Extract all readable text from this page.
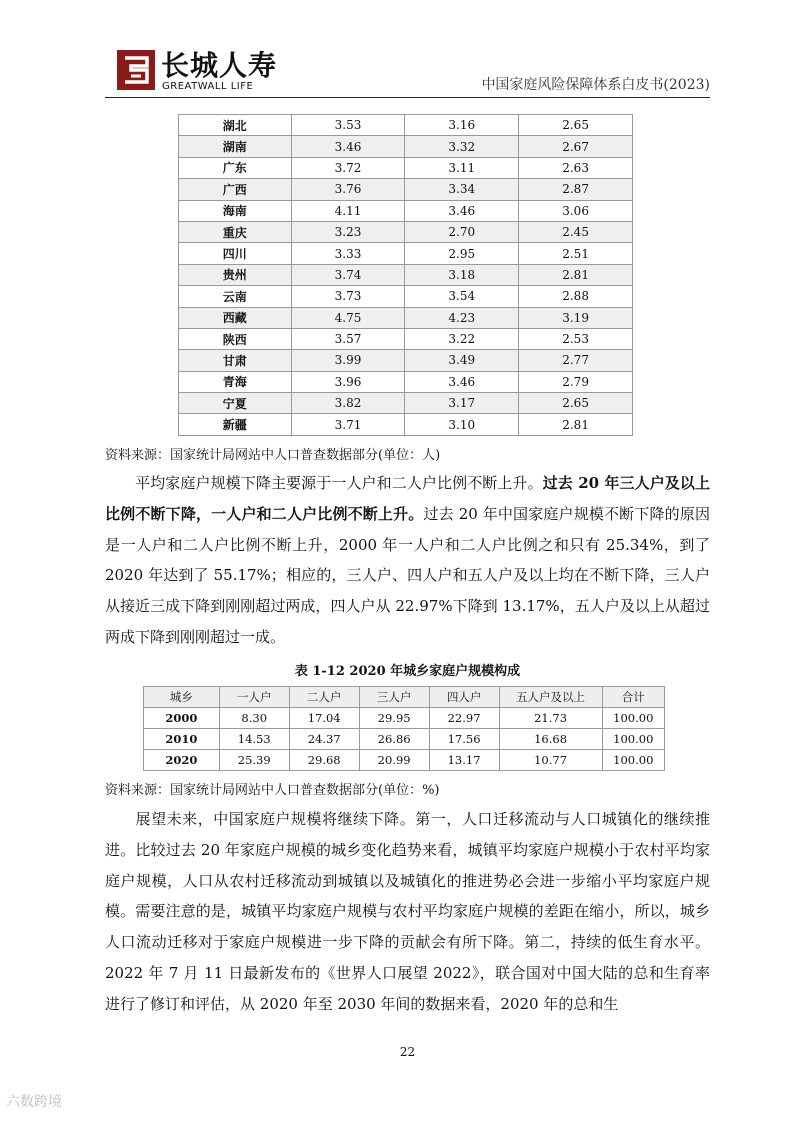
长城人寿
GREATWALL LIFE	中国家庭风险保障体系白皮书(2023)
湖北	3.53	3.16	2.65
湖南	3.46	3.32	2.67
广东	3.72	3.11	2.63
广西	3.76	3.34	2.87
海南	4.11	3.46	3.06
重庆	3.23	2.70	2.45
四川	3.33	2.95	2.51
贵州	3.74	3.18	2.81
云南	3.73	3.54	2.88
西藏	4.75	4.23	3.19
陕西	3.57	3.22	2.53
甘肃	3.99	3.49	2.77
青海	3.96	3.46	2.79
宁夏	3.82	3.17	2.65
新疆	3.71	3.10	2.81
资料来源：国家统计局网站中人口普查数据部分(单位：人)

平均家庭户规模下降主要源于一人户和二人户比例不断上升。过去 20 年三人户及以上比例不断下降，一人户和二人户比例不断上升。过去 20 年中国家庭户规模不断下降的原因是一人户和二人户比例不断上升，2000 年一人户和二人户比例之和只有 25.34%，到了 2020 年达到了 55.17%；相应的，三人户、四人户和五人户及以上均在不断下降，三人户从接近三成下降到刚刚超过两成，四人户从 22.97%下降到 13.17%，五人户及以上从超过两成下降到刚刚超过一成。

表 1-12 2020 年城乡家庭户规模构成
城乡	一人户	二人户	三人户	四人户	五人户及以上	合计
2000	8.30	17.04	29.95	22.97	21.73	100.00
2010	14.53	24.37	26.86	17.56	16.68	100.00
2020	25.39	29.68	20.99	13.17	10.77	100.00
资料来源：国家统计局网站中人口普查数据部分(单位：%)

展望未来，中国家庭户规模将继续下降。第一，人口迁移流动与人口城镇化的继续推进。比较过去 20 年家庭户规模的城乡变化趋势来看，城镇平均家庭户规模小于农村平均家庭户规模，人口从农村迁移流动到城镇以及城镇化的推进势必会进一步缩小平均家庭户规模。需要注意的是，城镇平均家庭户规模与农村平均家庭户规模的差距在缩小，所以，城乡人口流动迁移对于家庭户规模进一步下降的贡献会有所下降。第二，持续的低生育水平。2022 年 7 月 11 日最新发布的《世界人口展望 2022》，联合国对中国大陆的总和生育率进行了修订和评估，从 2020 年至 2030 年间的数据来看，2020 年的总和生

22
六数跨境
